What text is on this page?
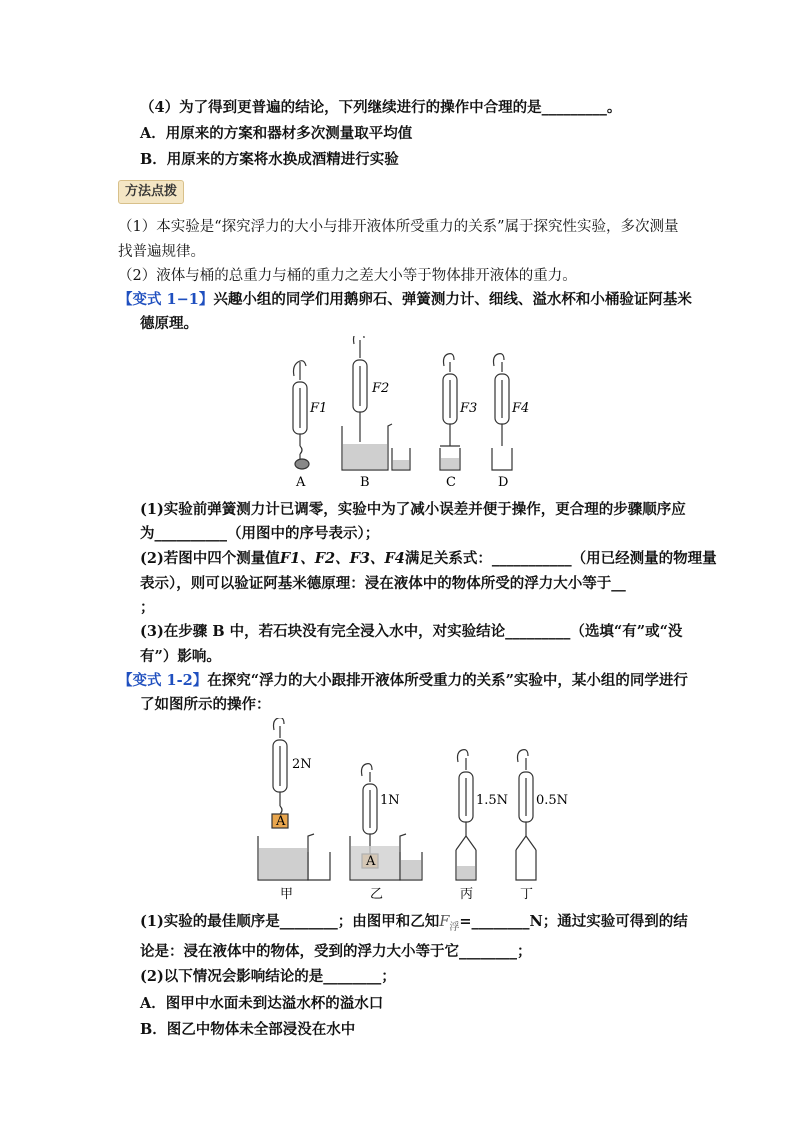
（4）为了得到更普遍的结论，下列继续进行的操作中合理的是_________。
A．用原来的方案和器材多次测量取平均值
B．用原来的方案将水换成酒精进行实验
方法点拨
（1）本实验是“探究浮力的大小与排开液体所受重力的关系”属于探究性实验，多次测量
找普遍规律。
（2）液体与桶的总重力与桶的重力之差大小等于物体排开液体的重力。
【变式 1−1】兴趣小组的同学们用鹅卵石、弹簧测力计、细线、溢水杯和小桶验证阿基米
德原理。
F1
F2
F3	F4
A	B	C	D
(1)实验前弹簧测力计已调零，实验中为了减小误差并便于操作，更合理的步骤顺序应
为__________（用图中的序号表示）；
(2)若图中四个测量值F1、F2、F3、F4满足关系式：___________（用已经测量的物理量
表示），则可以验证阿基米德原理：浸在液体中的物体所受的浮力大小等于__
；
(3)在步骤 B 中，若石块没有完全浸入水中，对实验结论_________（选填“有”或“没
有”）影响。
【变式 1-2】在探究“浮力的大小跟排开液体所受重力的关系”实验中，某小组的同学进行
了如图所示的操作：
A
A
2N
1N	1.5N 0.5N
甲	乙	丙	丁
(1)实验的最佳顺序是________；由图甲和乙知$F_浮=\_\_\_\_\_\_\_\_N$；通过实验可得到的结
论是：浸在液体中的物体，受到的浮力大小等于它________；
(2)以下情况会影响结论的是________；
A．图甲中水面未到达溢水杯的溢水口
B．图乙中物体未全部浸没在水中
